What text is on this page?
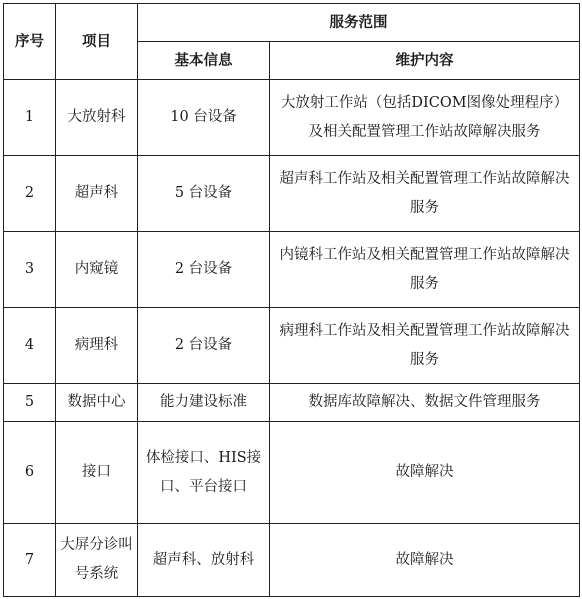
序号	项目	服务范围	
		基本信息	维护内容
1	大放射科	10 台设备	大放射工作站（包括DICOM图像处理程序）及相关配置管理工作站故障解决服务
2	超声科	5 台设备	超声科工作站及相关配置管理工作站故障解决服务
3	内窥镜	2 台设备	内镜科工作站及相关配置管理工作站故障解决服务
4	病理科	2 台设备	病理科工作站及相关配置管理工作站故障解决服务
5	数据中心	能力建设标准	数据库故障解决、数据文件管理服务
6	接口	体检接口、HIS接口、平台接口	故障解决
7	大屏分诊叫号系统	超声科、放射科	故障解决
